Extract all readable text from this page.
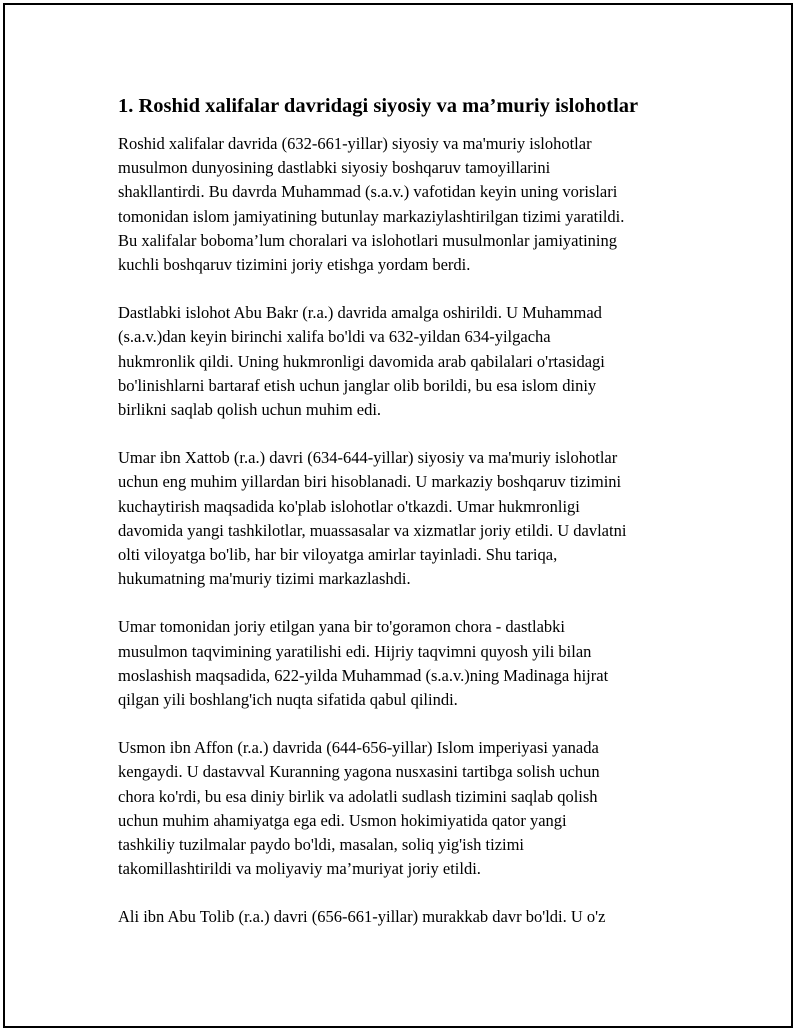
1. Roshid xalifalar davridagi siyosiy va ma’muriy islohotlar

Roshid xalifalar davrida (632-661-yillar) siyosiy va ma'muriy islohotlar
musulmon dunyosining dastlabki siyosiy boshqaruv tamoyillarini
shakllantirdi. Bu davrda Muhammad (s.a.v.) vafotidan keyin uning vorislari
tomonidan islom jamiyatining butunlay markaziylashtirilgan tizimi yaratildi.
Bu xalifalar boboma’lum choralari va islohotlari musulmonlar jamiyatining
kuchli boshqaruv tizimini joriy etishga yordam berdi.

Dastlabki islohot Abu Bakr (r.a.) davrida amalga oshirildi. U Muhammad
(s.a.v.)dan keyin birinchi xalifa bo'ldi va 632-yildan 634-yilgacha
hukmronlik qildi. Uning hukmronligi davomida arab qabilalari o'rtasidagi
bo'linishlarni bartaraf etish uchun janglar olib borildi, bu esa islom diniy
birlikni saqlab qolish uchun muhim edi.

Umar ibn Xattob (r.a.) davri (634-644-yillar) siyosiy va ma'muriy islohotlar
uchun eng muhim yillardan biri hisoblanadi. U markaziy boshqaruv tizimini
kuchaytirish maqsadida ko'plab islohotlar o'tkazdi. Umar hukmronligi
davomida yangi tashkilotlar, muassasalar va xizmatlar joriy etildi. U davlatni
olti viloyatga bo'lib, har bir viloyatga amirlar tayinladi. Shu tariqa,
hukumatning ma'muriy tizimi markazlashdi.

Umar tomonidan joriy etilgan yana bir to'goramon chora - dastlabki
musulmon taqvimining yaratilishi edi. Hijriy taqvimni quyosh yili bilan
moslashish maqsadida, 622-yilda Muhammad (s.a.v.)ning Madinaga hijrat
qilgan yili boshlang'ich nuqta sifatida qabul qilindi.

Usmon ibn Affon (r.a.) davrida (644-656-yillar) Islom imperiyasi yanada
kengaydi. U dastavval Kuranning yagona nusxasini tartibga solish uchun
chora ko'rdi, bu esa diniy birlik va adolatli sudlash tizimini saqlab qolish
uchun muhim ahamiyatga ega edi. Usmon hokimiyatida qator yangi
tashkiliy tuzilmalar paydo bo'ldi, masalan, soliq yig'ish tizimi
takomillashtirildi va moliyaviy ma’muriyat joriy etildi.

Ali ibn Abu Tolib (r.a.) davri (656-661-yillar) murakkab davr bo'ldi. U o'z
